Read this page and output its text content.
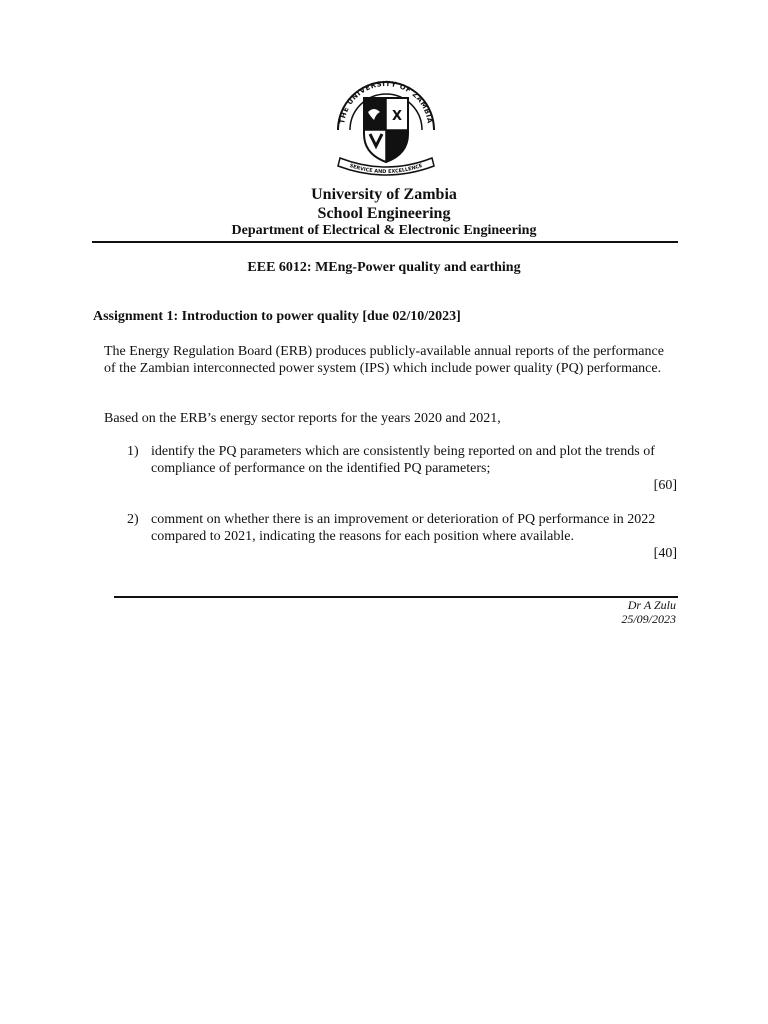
THE UNIVERSITY OF ZAMBIA
X
SERVICE AND EXCELLENCE
University of Zambia
School Engineering
Department of Electrical & Electronic Engineering
EEE 6012: MEng-Power quality and earthing
Assignment 1: Introduction to power quality [due 02/10/2023]
The Energy Regulation Board (ERB) produces publicly-available annual reports of the performance of the Zambian interconnected power system (IPS) which include power quality (PQ) performance.
Based on the ERB’s energy sector reports for the years 2020 and 2021,
1) identify the PQ parameters which are consistently being reported on and plot the trends of compliance of performance on the identified PQ parameters;
[60]
2) comment on whether there is an improvement or deterioration of PQ performance in 2022 compared to 2021, indicating the reasons for each position where available.
[40]
Dr A Zulu
25/09/2023
